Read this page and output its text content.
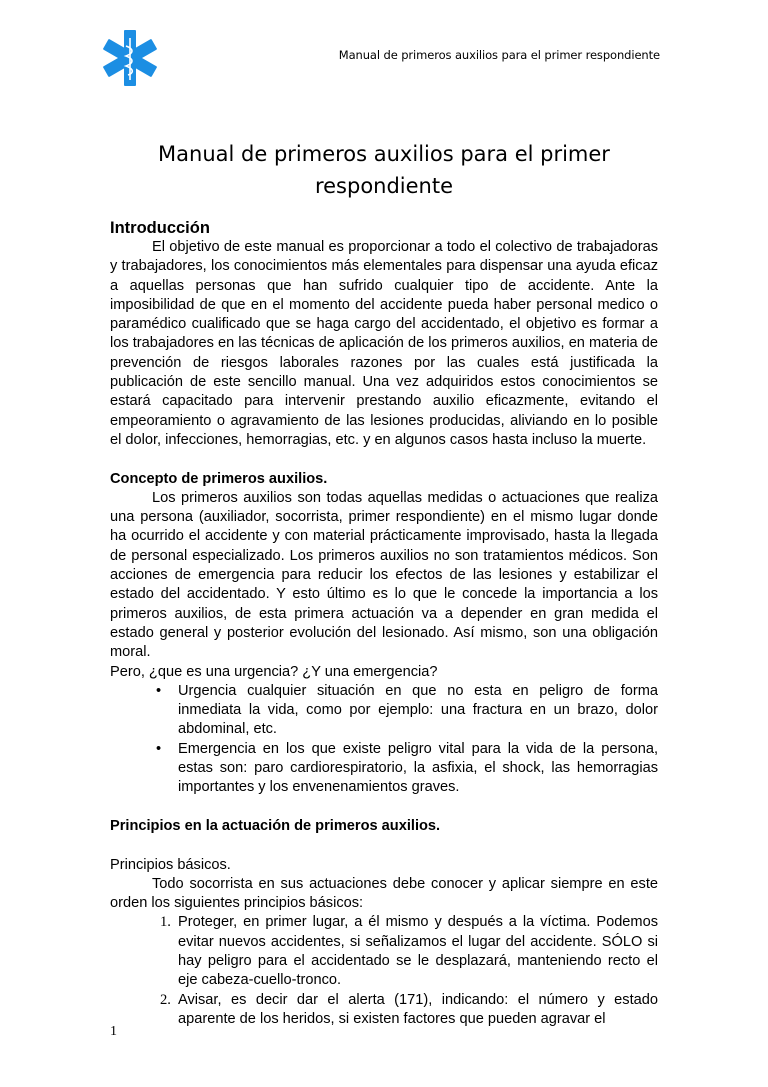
Manual de primeros auxilios para el primer respondiente
Manual de primeros auxilios para el primer
respondiente
Introducción

El objetivo de este manual es proporcionar a todo el colectivo de trabajadoras y trabajadores, los conocimientos más elementales para dispensar una ayuda eficaz a aquellas personas que han sufrido cualquier tipo de accidente. Ante la imposibilidad de que en el momento del accidente pueda haber personal medico o paramédico cualificado que se haga cargo del accidentado, el objetivo es formar a los trabajadores en las técnicas de aplicación de los primeros auxilios, en materia de prevención de riesgos laborales razones por las cuales está justificada la publicación de este sencillo manual. Una vez adquiridos estos conocimientos se estará capacitado para intervenir prestando auxilio eficazmente, evitando el empeoramiento o agravamiento de las lesiones producidas, aliviando en lo posible el dolor, infecciones, hemorragias, etc. y en algunos casos hasta incluso la muerte.

Concepto de primeros auxilios.

Los primeros auxilios son todas aquellas medidas o actuaciones que realiza una persona (auxiliador, socorrista, primer respondiente) en el mismo lugar donde ha ocurrido el accidente y con material prácticamente improvisado, hasta la llegada de personal especializado. Los primeros auxilios no son tratamientos médicos. Son acciones de emergencia para reducir los efectos de las lesiones y estabilizar el estado del accidentado. Y esto último es lo que le concede la importancia a los primeros auxilios, de esta primera actuación va a depender en gran medida el estado general y posterior evolución del lesionado. Así mismo, son una obligación moral.

Pero, ¿que es una urgencia? ¿Y una emergencia?

• Urgencia cualquier situación en que no esta en peligro de forma inmediata la vida, como por ejemplo: una fractura en un brazo, dolor abdominal, etc.
• Emergencia en los que existe peligro vital para la vida de la persona, estas son: paro cardiorespiratorio, la asfixia, el shock, las hemorragias importantes y los envenenamientos graves.
Principios en la actuación de primeros auxilios.

Principios básicos.

Todo socorrista en sus actuaciones debe conocer y aplicar siempre en este orden los siguientes principios básicos:

1. Proteger, en primer lugar, a él mismo y después a la víctima. Podemos evitar nuevos accidentes, si señalizamos el lugar del accidente. SÓLO si hay peligro para el accidentado se le desplazará, manteniendo recto el eje cabeza-cuello-tronco.
2. Avisar, es decir dar el alerta (171), indicando: el número y estado aparente de los heridos, si existen factores que pueden agravar el
1
